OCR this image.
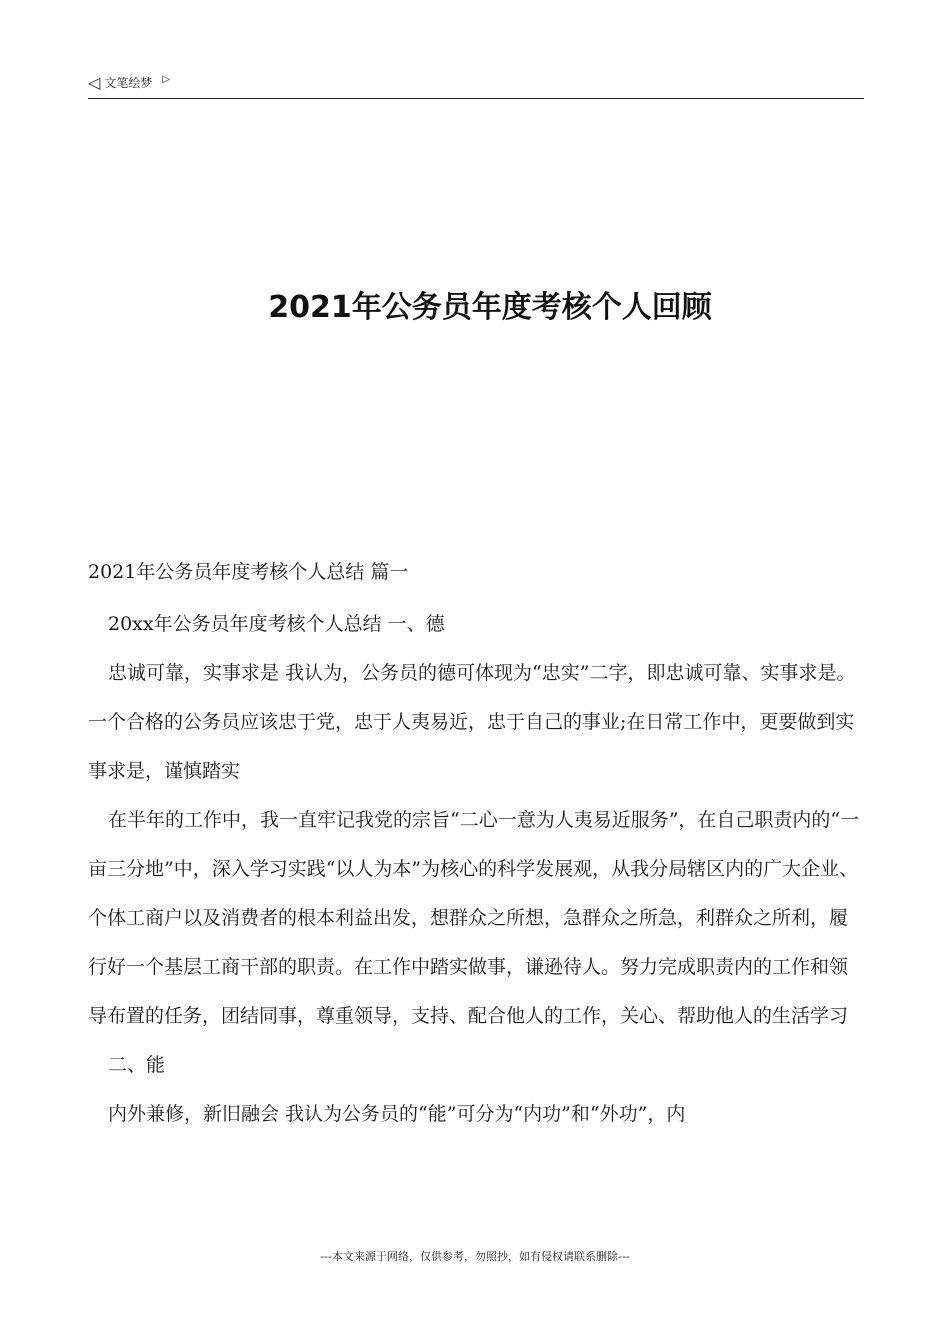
◁ 文笔绘梦 ▷
2021年公务员年度考核个人回顾

2021年公务员年度考核个人总结 篇一

20xx年公务员年度考核个人总结 一、德

忠诚可靠，实事求是 我认为，公务员的德可体现为“忠实”二字，即忠诚可靠、实事求是。一个合格的公务员应该忠于党，忠于人夷易近，忠于自己的事业;在日常工作中，更要做到实事求是，谨慎踏实

在半年的工作中，我一直牢记我党的宗旨“二心一意为人夷易近服务”，在自己职责内的“一亩三分地”中，深入学习实践“以人为本”为核心的科学发展观，从我分局辖区内的广大企业、个体工商户以及消费者的根本利益出发，想群众之所想，急群众之所急，利群众之所利，履行好一个基层工商干部的职责。在工作中踏实做事，谦逊待人。努力完成职责内的工作和领导布置的任务，团结同事，尊重领导，支持、配合他人的工作，关心、帮助他人的生活学习

二、能

内外兼修，新旧融会 我认为公务员的“能”可分为“内功”和“外功”，内

---本文来源于网络，仅供参考，勿照抄，如有侵权请联系删除---
